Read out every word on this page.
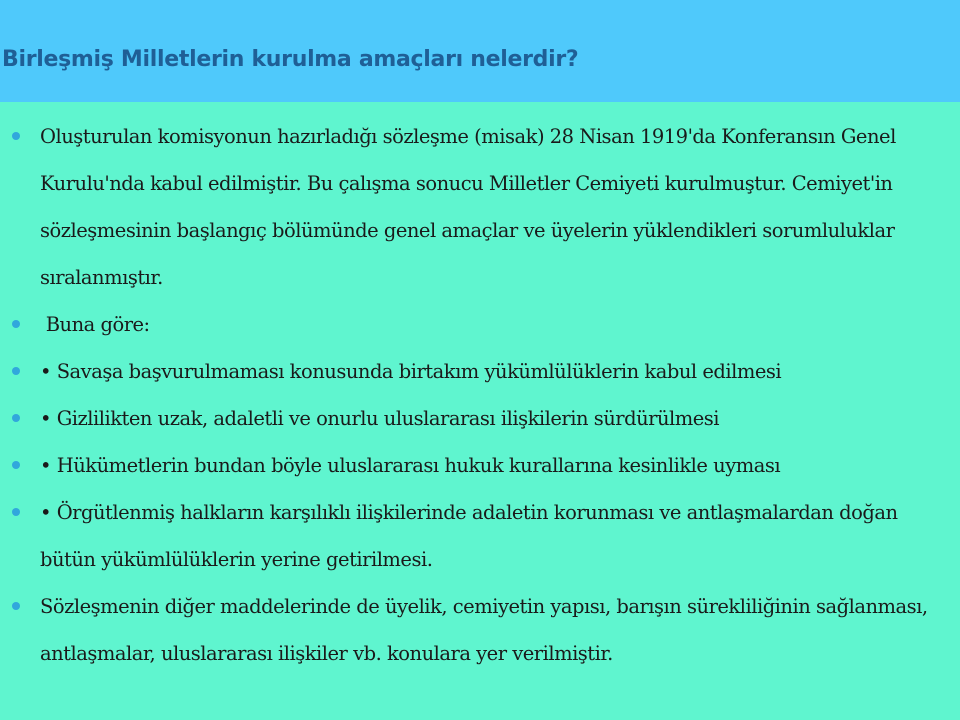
Birleşmiş Milletlerin kurulma amaçları nelerdir?
Oluşturulan komisyonun hazırladığı sözleşme (misak) 28 Nisan 1919'da Konferansın Genel Kurulu'nda kabul edilmiştir. Bu çalışma sonucu Milletler Cemiyeti kurulmuştur. Cemiyet'in sözleşmesinin başlangıç bölümünde genel amaçlar ve üyelerin yüklendikleri sorumluluklar sıralanmıştır.
Buna göre:
• Savaşa başvurulmaması konusunda birtakım yükümlülüklerin kabul edilmesi
• Gizlilikten uzak, adaletli ve onurlu uluslararası ilişkilerin sürdürülmesi
• Hükümetlerin bundan böyle uluslararası hukuk kurallarına kesinlikle uyması
• Örgütlenmiş halkların karşılıklı ilişkilerinde adaletin korunması ve antlaşmalardan doğan bütün yükümlülüklerin yerine getirilmesi.
Sözleşmenin diğer maddelerinde de üyelik, cemiyetin yapısı, barışın sürekliliğinin sağlanması, antlaşmalar, uluslararası ilişkiler vb. konulara yer verilmiştir.
